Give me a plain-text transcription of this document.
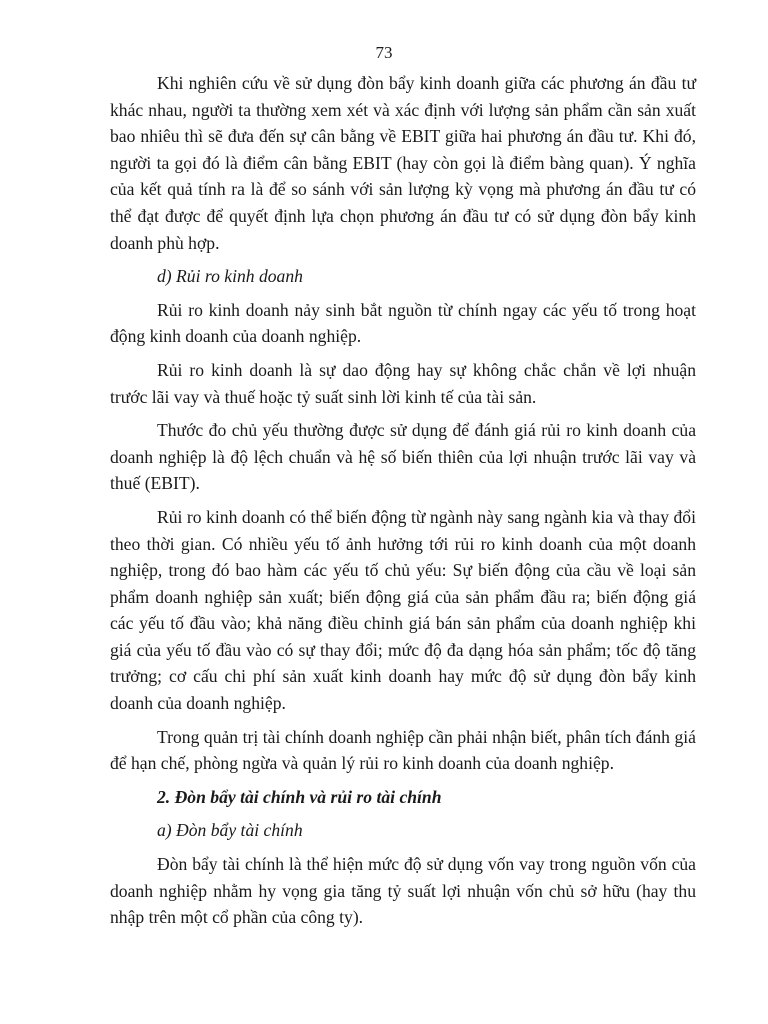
73

Khi nghiên cứu về sử dụng đòn bẩy kinh doanh giữa các phương án đầu tư khác nhau, người ta thường xem xét và xác định với lượng sản phẩm cần sản xuất bao nhiêu thì sẽ đưa đến sự cân bằng về EBIT giữa hai phương án đầu tư. Khi đó, người ta gọi đó là điểm cân bằng EBIT (hay còn gọi là điểm bàng quan). Ý nghĩa của kết quả tính ra là để so sánh với sản lượng kỳ vọng mà phương án đầu tư có thể đạt được để quyết định lựa chọn phương án đầu tư có sử dụng đòn bẩy kinh doanh phù hợp.

d) Rủi ro kinh doanh

Rủi ro kinh doanh nảy sinh bắt nguồn từ chính ngay các yếu tố trong hoạt động kinh doanh của doanh nghiệp.

Rủi ro kinh doanh là sự dao động hay sự không chắc chắn về lợi nhuận trước lãi vay và thuế hoặc tỷ suất sinh lời kinh tế của tài sản.

Thước đo chủ yếu thường được sử dụng để đánh giá rủi ro kinh doanh của doanh nghiệp là độ lệch chuẩn và hệ số biến thiên của lợi nhuận trước lãi vay và thuế (EBIT).

Rủi ro kinh doanh có thể biến động từ ngành này sang ngành kia và thay đổi theo thời gian. Có nhiều yếu tố ảnh hưởng tới rủi ro kinh doanh của một doanh nghiệp, trong đó bao hàm các yếu tố chủ yếu: Sự biến động của cầu về loại sản phẩm doanh nghiệp sản xuất; biến động giá của sản phẩm đầu ra; biến động giá các yếu tố đầu vào; khả năng điều chỉnh giá bán sản phẩm của doanh nghiệp khi giá của yếu tố đầu vào có sự thay đổi; mức độ đa dạng hóa sản phẩm; tốc độ tăng trưởng; cơ cấu chi phí sản xuất kinh doanh hay mức độ sử dụng đòn bẩy kinh doanh của doanh nghiệp.

Trong quản trị tài chính doanh nghiệp cần phải nhận biết, phân tích đánh giá để hạn chế, phòng ngừa và quản lý rủi ro kinh doanh của doanh nghiệp.

2. Đòn bẩy tài chính và rủi ro tài chính

a) Đòn bẩy tài chính

Đòn bẩy tài chính là thể hiện mức độ sử dụng vốn vay trong nguồn vốn của doanh nghiệp nhằm hy vọng gia tăng tỷ suất lợi nhuận vốn chủ sở hữu (hay thu nhập trên một cổ phần của công ty).
